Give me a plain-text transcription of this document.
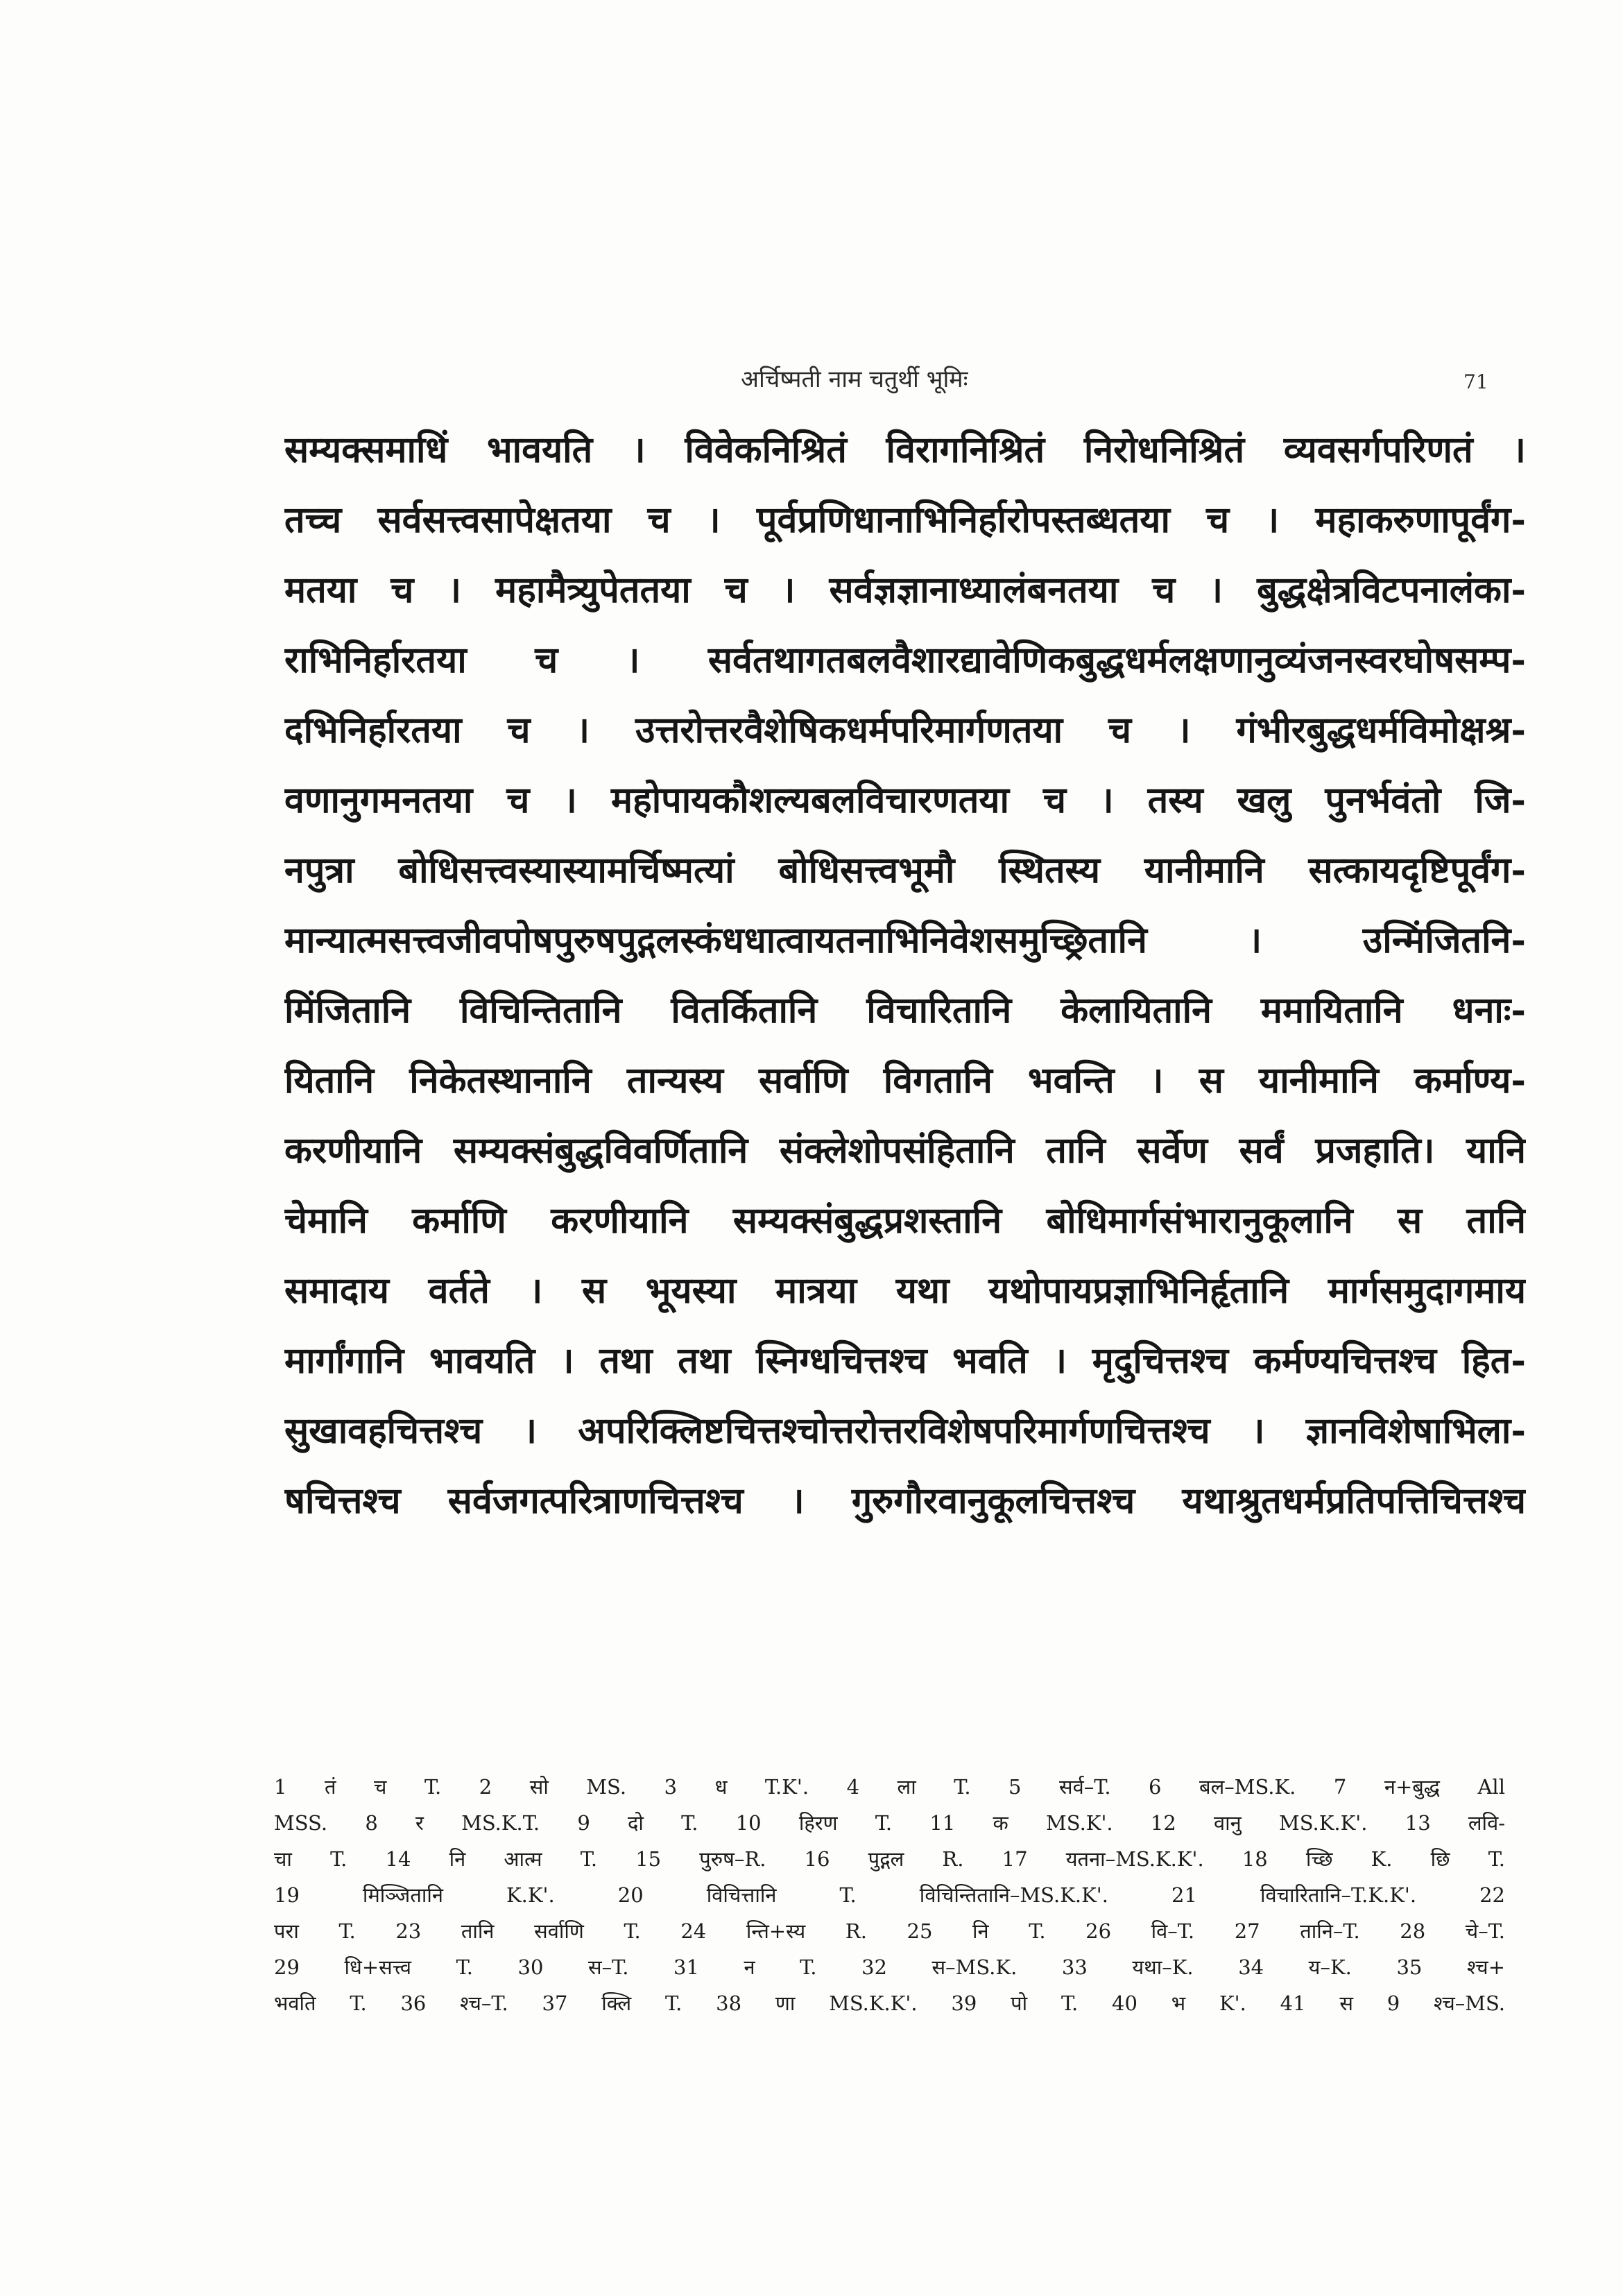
अर्चिष्मती नाम चतुर्थी भूमिः	71
सम्यक्समाधिं भावयति । विवेकनिश्रितं विरागनिश्रितं निरोधनिश्रितं व्यवसर्गपरिणतं ।
तच्च सर्वसत्त्वसापेक्षतया च । पूर्वप्रणिधानाभिनिर्हारोपस्तब्धतया च । महाकरुणापूर्वंग-
मतया च । महामैत्र्युपेततया च । सर्वज्ञज्ञानाध्यालंबनतया च । बुद्धक्षेत्रविटपनालंका-
राभिनिर्हारतया च । सर्वतथागतबलवैशारद्यावेणिकबुद्धधर्मलक्षणानुव्यंजनस्वरघोषसम्प-
दभिनिर्हारतया च । उत्तरोत्तरवैशेषिकधर्मपरिमार्गणतया च । गंभीरबुद्धधर्मविमोक्षश्र-
वणानुगमनतया च । महोपायकौशल्यबलविचारणतया च । तस्य खलु पुनर्भवंतो जि-
नपुत्रा बोधिसत्त्वस्यास्यामर्चिष्मत्यां बोधिसत्त्वभूमौ स्थितस्य यानीमानि सत्कायदृष्टिपूर्वंग-
मान्यात्मसत्त्वजीवपोषपुरुषपुद्गलस्कंधधात्वायतनाभिनिवेशसमुच्छ्रितानि । उन्मिंजितनि-
मिंजितानि विचिन्तितानि वितर्कितानि विचारितानि केलायितानि ममायितानि धनाः-
यितानि निकेतस्थानानि तान्यस्य सर्वाणि विगतानि भवन्ति । स यानीमानि कर्माण्य-
करणीयानि सम्यक्संबुद्धविवर्णितानि संक्लेशोपसंहितानि तानि सर्वेण सर्वं प्रजहाति। यानि
चेमानि कर्माणि करणीयानि सम्यक्संबुद्धप्रशस्तानि बोधिमार्गसंभारानुकूलानि स तानि
समादाय वर्तते । स भूयस्या मात्रया यथा यथोपायप्रज्ञाभिनिर्हृतानि मार्गसमुदागमाय
मार्गांगानि भावयति । तथा तथा स्निग्धचित्तश्च भवति । मृदुचित्तश्च कर्मण्यचित्तश्च हित-
सुखावहचित्तश्च । अपरिक्लिष्टचित्तश्चोत्तरोत्तरविशेषपरिमार्गणचित्तश्च । ज्ञानविशेषाभिला-
षचित्तश्च सर्वजगत्परित्राणचित्तश्च । गुरुगौरवानुकूलचित्तश्च यथाश्रुतधर्मप्रतिपत्तिचित्तश्च
1 तं च T. 2 सो MS. 3 ध T.K'. 4 ला T. 5 सर्व–T. 6 बल–MS.K. 7 न+बुद्ध All
MSS. 8 र MS.K.T. 9 दो T. 10 हिरण T. 11 क MS.K'. 12 वानु MS.K.K'. 13 लवि-
चा T. 14 नि आत्म T. 15 पुरुष–R. 16 पुद्गल R. 17 यतना–MS.K.K'. 18 च्छि K. छि T.
19 मिञ्जितानि K.K'. 20 विचित्तानि T. विचिन्तितानि–MS.K.K'. 21 विचारितानि–T.K.K'. 22
परा T. 23 तानि सर्वाणि T. 24 न्ति+स्य R. 25 नि T. 26 वि–T. 27 तानि–T. 28 चे–T.
29 धि+सत्त्व T. 30 स–T. 31 न T. 32 स–MS.K. 33 यथा–K. 34 य–K. 35 श्च+
भवति T. 36 श्च–T. 37 क्लि T. 38 णा MS.K.K'. 39 पो T. 40 भ K'. 41 स 9 श्च–MS.
